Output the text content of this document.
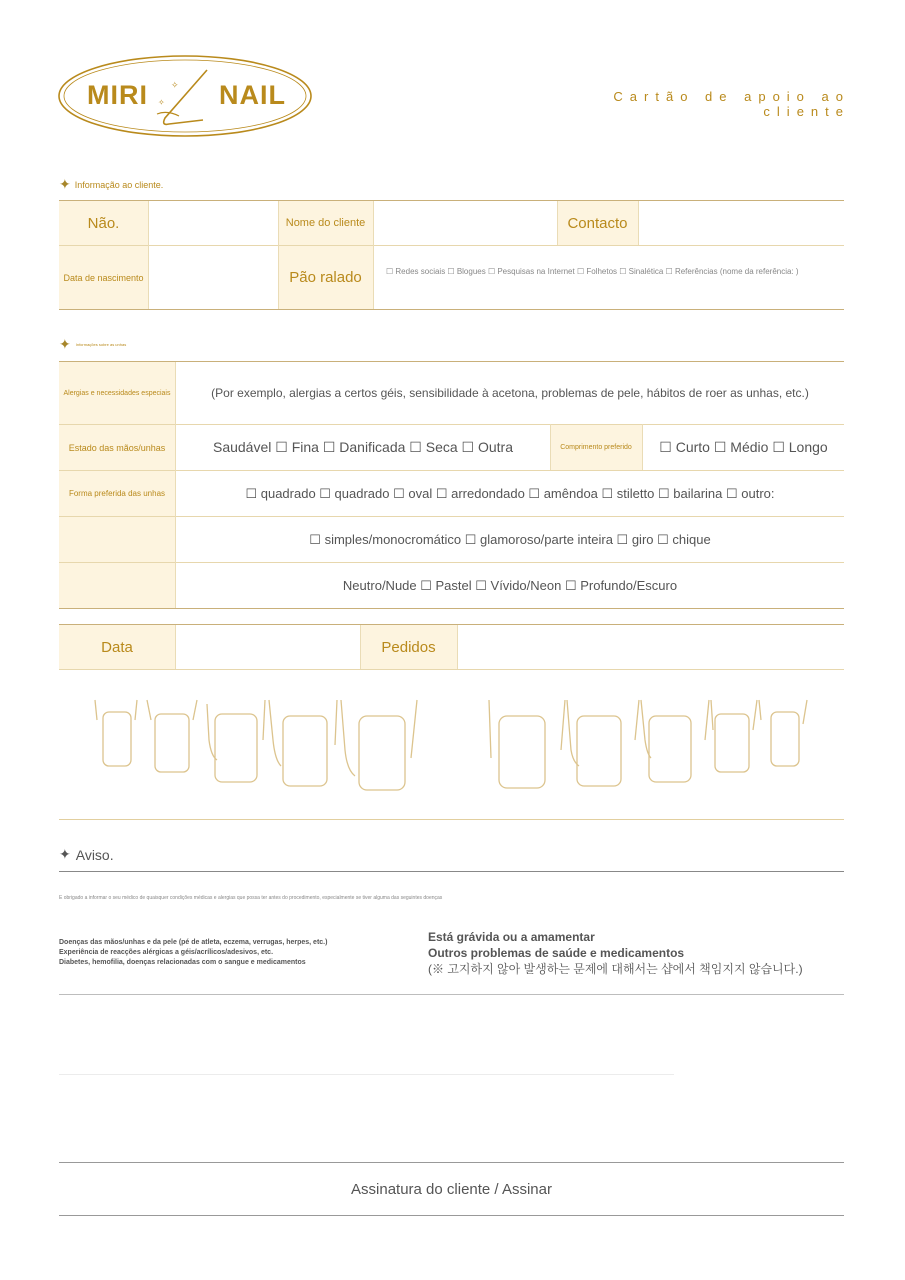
✧
✧
MIRI	NAIL	Cartão de apoio ao cliente
✦ Informação ao cliente.
Não.	Nome do cliente	Contacto
Data de nascimento	Pão ralado	☐ Redes sociais ☐ Blogues ☐ Pesquisas na Internet ☐ Folhetos ☐ Sinalética ☐ Referências (nome da referência: )
✦ Informações sobre as unhas
Alergias e necessidades especiais	(Por exemplo, alergias a certos géis, sensibilidade à acetona, problemas de pele, hábitos de roer as unhas, etc.)
Estado das mãos/unhas	Saudável ☐ Fina ☐ Danificada ☐ Seca ☐ Outra	Comprimento preferido	☐ Curto ☐ Médio ☐ Longo
Forma preferida das unhas	☐ quadrado ☐ quadrado ☐ oval ☐ arredondado ☐ amêndoa ☐ stiletto ☐ bailarina ☐ outro:
☐ simples/monocromático ☐ glamoroso/parte inteira ☐ giro ☐ chique
Neutro/Nude ☐ Pastel ☐ Vívido/Neon ☐ Profundo/Escuro
Data	Pedidos
✦ Aviso.
É obrigado a informar o seu médico de quaisquer condições médicas e alergias que possa ter antes do procedimento, especialmente se tiver alguma das seguintes doenças
Doenças das mãos/unhas e da pele (pé de atleta, eczema, verrugas, herpes, etc.)
Experiência de reacções alérgicas a géis/acrílicos/adesivos, etc.
Diabetes, hemofilia, doenças relacionadas com o sangue e medicamentos
Está grávida ou a amamentar
Outros problemas de saúde e medicamentos
(※ 고지하지 않아 발생하는 문제에 대해서는 샵에서 책임지지 않습니다.)
Assinatura do cliente / Assinar
